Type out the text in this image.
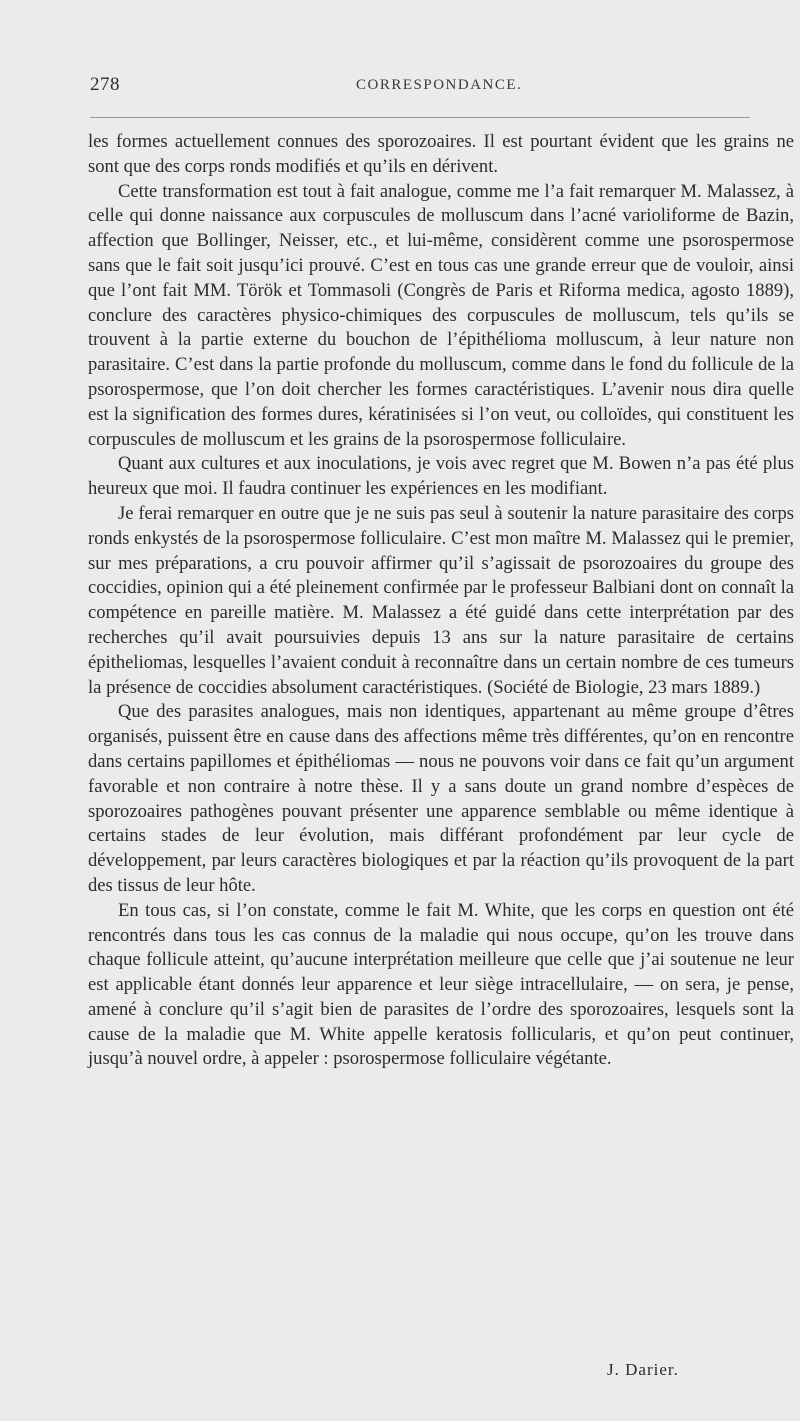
278	CORRESPONDANCE.

les formes actuellement connues des sporozoaires. Il est pourtant évident que les grains ne sont que des corps ronds modifiés et qu’ils en dérivent.

Cette transformation est tout à fait analogue, comme me l’a fait remarquer M. Malassez, à celle qui donne naissance aux corpuscules de molluscum dans l’acné varioliforme de Bazin, affection que Bollinger, Neisser, etc., et lui-même, considèrent comme une psorospermose sans que le fait soit jusqu’ici prouvé. C’est en tous cas une grande erreur que de vouloir, ainsi que l’ont fait MM. Török et Tommasoli (Congrès de Paris et Riforma medica, agosto 1889), conclure des caractères physico-chimiques des corpuscules de molluscum, tels qu’ils se trouvent à la partie externe du bouchon de l’épithélioma molluscum, à leur nature non parasitaire. C’est dans la partie profonde du molluscum, comme dans le fond du follicule de la psorospermose, que l’on doit chercher les formes caractéristiques. L’avenir nous dira quelle est la signification des formes dures, kératinisées si l’on veut, ou colloïdes, qui constituent les corpuscules de molluscum et les grains de la psorospermose folliculaire.

Quant aux cultures et aux inoculations, je vois avec regret que M. Bowen n’a pas été plus heureux que moi. Il faudra continuer les expériences en les modifiant.

Je ferai remarquer en outre que je ne suis pas seul à soutenir la nature parasitaire des corps ronds enkystés de la psorospermose folliculaire. C’est mon maître M. Malassez qui le premier, sur mes préparations, a cru pouvoir affirmer qu’il s’agissait de psorozoaires du groupe des coccidies, opinion qui a été pleinement confirmée par le professeur Balbiani dont on connaît la compétence en pareille matière. M. Malassez a été guidé dans cette interprétation par des recherches qu’il avait poursuivies depuis 13 ans sur la nature parasitaire de certains épitheliomas, lesquelles l’avaient conduit à reconnaître dans un certain nombre de ces tumeurs la présence de coccidies absolument caractéristiques. (Société de Biologie, 23 mars 1889.)

Que des parasites analogues, mais non identiques, appartenant au même groupe d’êtres organisés, puissent être en cause dans des affections même très différentes, qu’on en rencontre dans certains papillomes et épithéliomas — nous ne pouvons voir dans ce fait qu’un argument favorable et non contraire à notre thèse. Il y a sans doute un grand nombre d’espèces de sporozoaires pathogènes pouvant présenter une apparence semblable ou même identique à certains stades de leur évolution, mais différant profondément par leur cycle de développement, par leurs caractères biologiques et par la réaction qu’ils provoquent de la part des tissus de leur hôte.

En tous cas, si l’on constate, comme le fait M. White, que les corps en question ont été rencontrés dans tous les cas connus de la maladie qui nous occupe, qu’on les trouve dans chaque follicule atteint, qu’aucune interprétation meilleure que celle que j’ai soutenue ne leur est applicable étant donnés leur apparence et leur siège intracellulaire, — on sera, je pense, amené à conclure qu’il s’agit bien de parasites de l’ordre des sporozoaires, lesquels sont la cause de la maladie que M. White appelle keratosis follicularis, et qu’on peut continuer, jusqu’à nouvel ordre, à appeler : psorospermose folliculaire végétante.

J. Darier.
